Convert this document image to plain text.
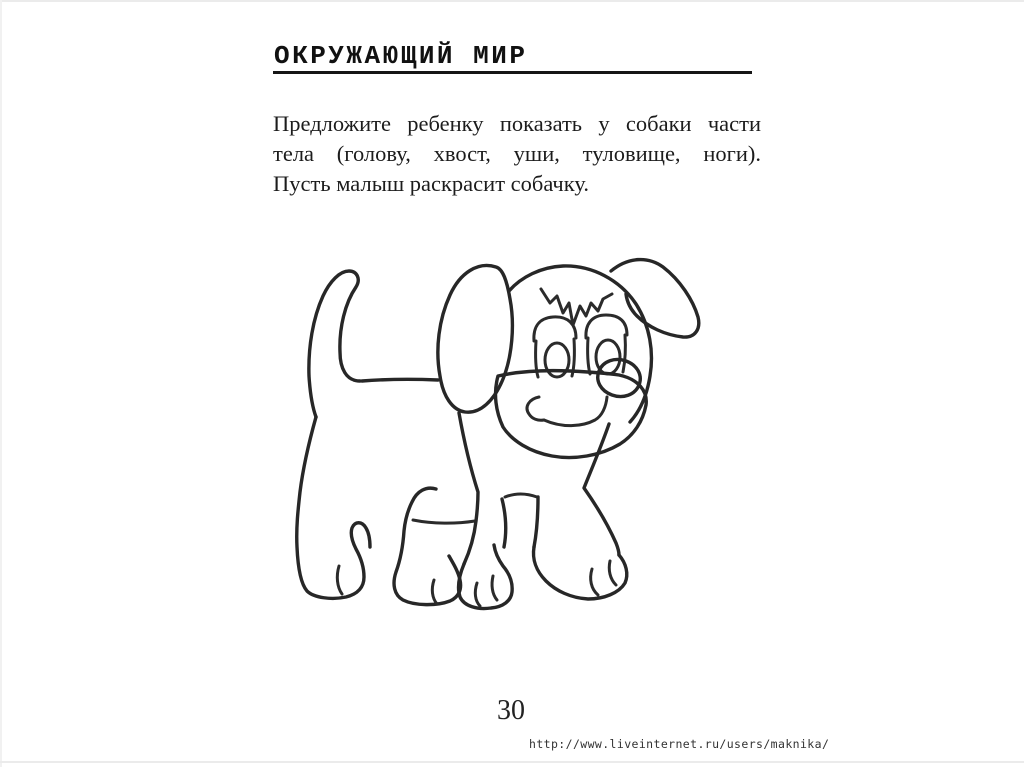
ОКРУЖАЮЩИЙ МИР
Предложите ребенку показать у собаки части
тела (голову, хвост, уши, туловище, ноги).
Пусть малыш раскрасит собачку.
30
http://www.liveinternet.ru/users/maknika/
